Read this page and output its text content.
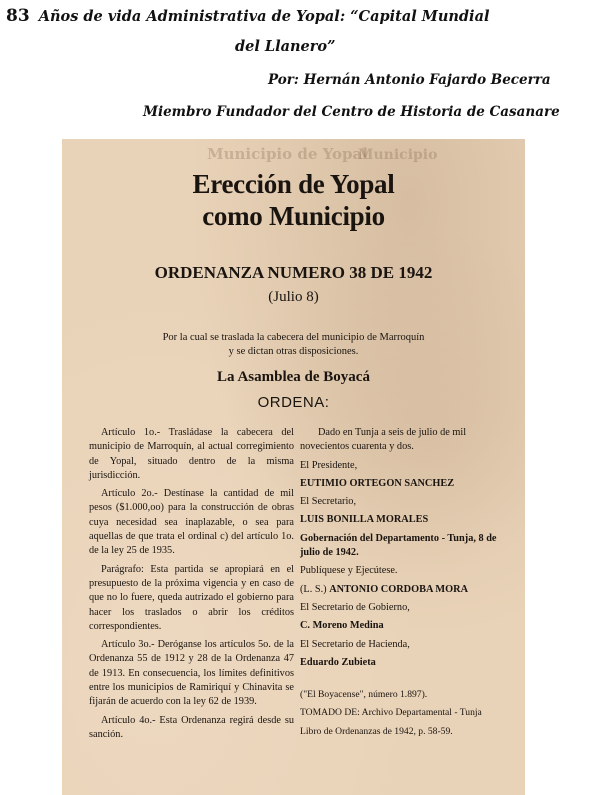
83 Años de vida Administrativa de Yopal: “Capital Mundial
del Llanero”
Por: Hernán Antonio Fajardo Becerra
Miembro Fundador del Centro de Historia de Casanare
Municipio de Yopal
Municipio
Erección de Yopal
como Municipio
ORDENANZA NUMERO 38 DE 1942
(Julio 8)
Por la cual se traslada la cabecera del municipio de Marroquín
y se dictan otras disposiciones.
La Asamblea de Boyacá
ORDENA:

Artículo 1o.- Trasládase la cabecera del municipio de Marroquín, al actual corregimiento de Yopal, situado dentro de la misma jurisdicción.

Artículo 2o.- Destínase la cantidad de mil pesos ($1.000,oo) para la construcción de obras cuya necesidad sea inaplazable, o sea para aquellas de que trata el ordinal c) del artículo 1o. de la ley 25 de 1935.

Parágrafo: Esta partida se apropiará en el presupuesto de la próxima vigencia y en caso de que no lo fuere, queda autrizado el gobierno para hacer los traslados o abrir los créditos correspondientes.

Artículo 3o.- Deróganse los artículos 5o. de la Ordenanza 55 de 1912 y 28 de la Ordenanza 47 de 1913. En consecuencia, los límites definitivos entre los municipios de Ramiriquí y Chinavita se fijarán de acuerdo con la ley 62 de 1939.

Artículo 4o.- Esta Ordenanza regirá desde su sanción.

Dado en Tunja a seis de julio de mil novecientos cuarenta y dos.
El Presidente,
EUTIMIO ORTEGON SANCHEZ
El Secretario,
LUIS BONILLA MORALES
Gobernación del Departamento - Tunja, 8 de julio de 1942.
Publíquese y Ejecútese.
(L. S.) ANTONIO CORDOBA MORA
El Secretario de Gobierno,
C. Moreno Medina
El Secretario de Hacienda,
Eduardo Zubieta
("El Boyacense", número 1.897).
TOMADO DE: Archivo Departamental - Tunja
Libro de Ordenanzas de 1942, p. 58-59.
